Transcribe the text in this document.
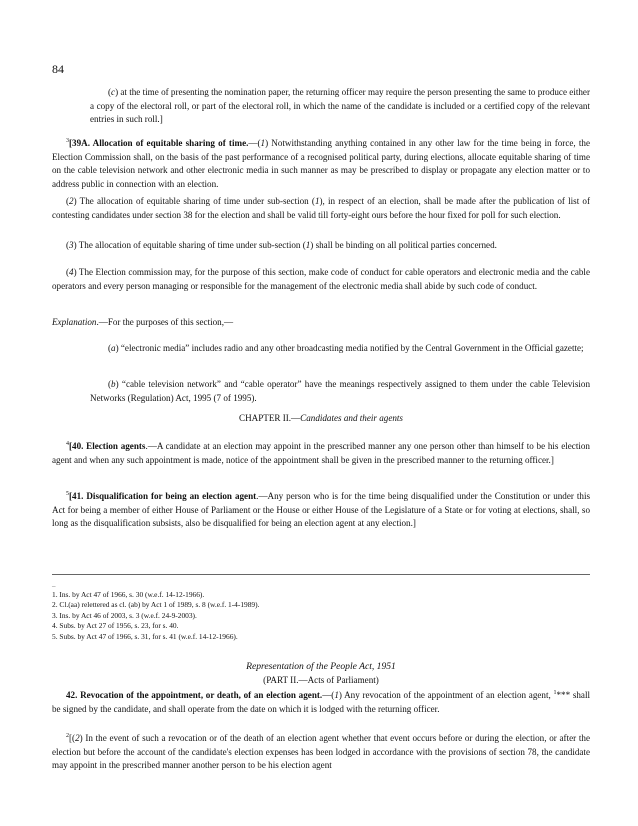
84
(c) at the time of presenting the nomination paper, the returning officer may require the person presenting the same to produce either a copy of the electoral roll, or part of the electoral roll, in which the name of the candidate is included or a certified copy of the relevant entries in such roll.]
$^3$[39A. Allocation of equitable sharing of time.—(1) Notwithstanding anything contained in any other law for the time being in force, the Election Commission shall, on the basis of the past performance of a recognised political party, during elections, allocate equitable sharing of time on the cable television network and other electronic media in such manner as may be prescribed to display or propagate any election matter or to address public in connection with an election.
(2) The allocation of equitable sharing of time under sub-section (1), in respect of an election, shall be made after the publication of list of contesting candidates under section 38 for the election and shall be valid till forty-eight ours before the hour fixed for poll for such election.
(3) The allocation of equitable sharing of time under sub-section (1) shall be binding on all political parties concerned.
(4) The Election commission may, for the purpose of this section, make code of conduct for cable operators and electronic media and the cable operators and every person managing or responsible for the management of the electronic media shall abide by such code of conduct.
Explanation.—For the purposes of this section,—
(a) “electronic media” includes radio and any other broadcasting media notified by the Central Government in the Official gazette;
(b) “cable television network” and “cable operator” have the meanings respectively assigned to them under the cable Television Networks (Regulation) Act, 1995 (7 of 1995).
CHAPTER II.—Candidates and their agents
$^4$[40. Election agents.—A candidate at an election may appoint in the prescribed manner any one person other than himself to be his election agent and when any such appointment is made, notice of the appointment shall be given in the prescribed manner to the returning officer.]
$^5$[41. Disqualification for being an election agent.—Any person who is for the time being disqualified under the Constitution or under this Act for being a member of either House of Parliament or the House or either House of the Legislature of a State or for voting at elections, shall, so long as the disqualification subsists, also be disqualified for being an election agent at any election.]
_
1. Ins. by Act 47 of 1966, s. 30 (w.e.f. 14-12-1966).
2. Cl.(aa) relettered as cl. (ab) by Act 1 of 1989, s. 8 (w.e.f. 1-4-1989).
3. Ins. by Act 46 of 2003, s. 3 (w.e.f. 24-9-2003).
4. Subs. by Act 27 of 1956, s. 23, for s. 40.
5. Subs. by Act 47 of 1966, s. 31, for s. 41 (w.e.f. 14-12-1966).
Representation of the People Act, 1951
(PART II.—Acts of Parliament)
42. Revocation of the appointment, or death, of an election agent.—(1) Any revocation of the appointment of an election agent, $^1$*** shall be signed by the candidate, and shall operate from the date on which it is lodged with the returning officer.
$^2$[(2) In the event of such a revocation or of the death of an election agent whether that event occurs before or during the election, or after the election but before the account of the candidate's election expenses has been lodged in accordance with the provisions of section 78, the candidate may appoint in the prescribed manner another person to be his election agent
